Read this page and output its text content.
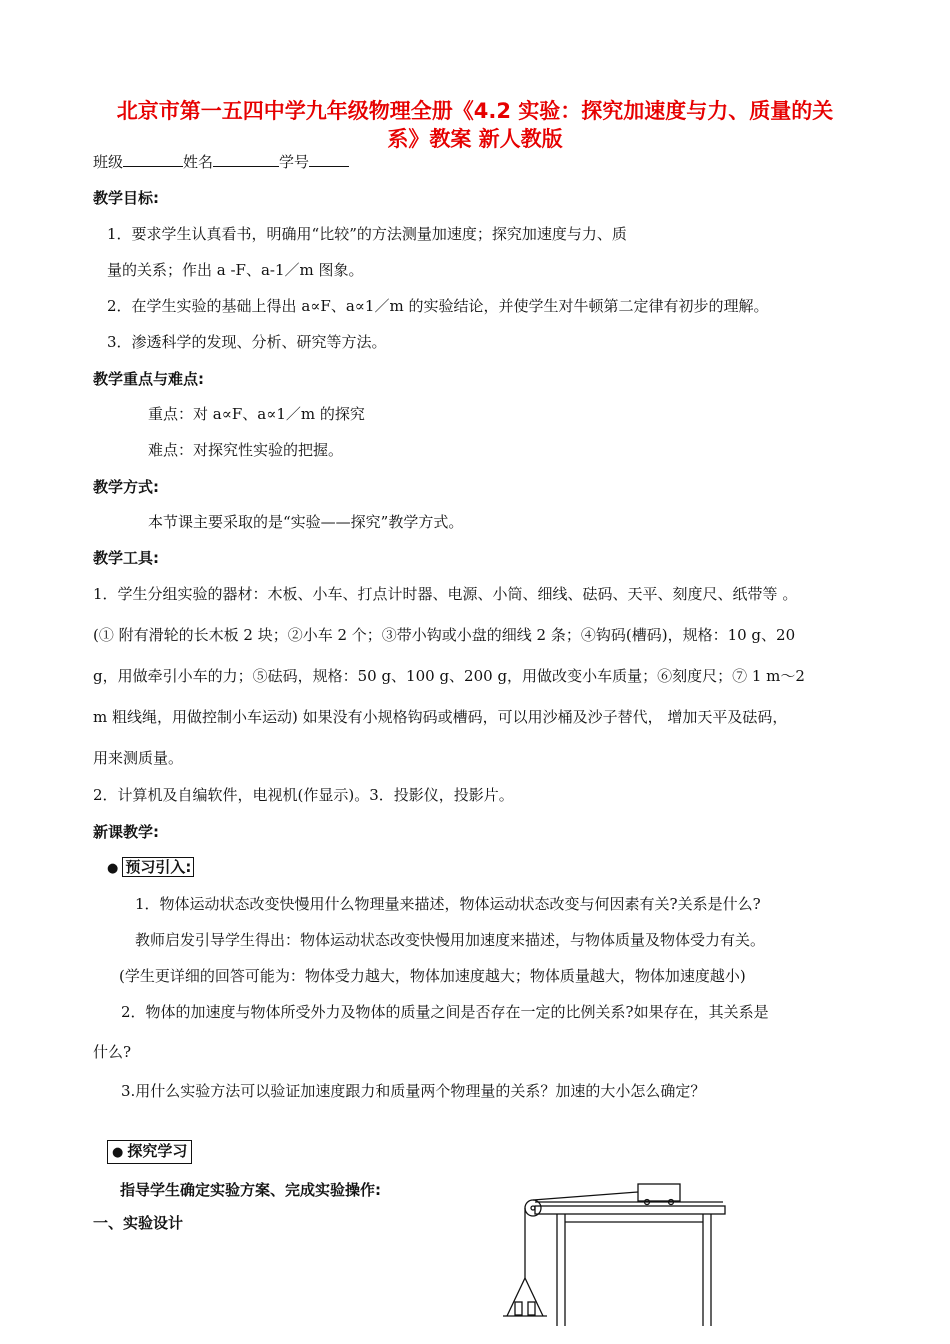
北京市第一五四中学九年级物理全册《4.2 实验：探究加速度与力、质量的关
系》教案 新人教版
班级	姓名	学号
教学目标:
1．要求学生认真看书，明确用“比较”的方法测量加速度；探究加速度与力、质
量的关系；作出 a -F、a-1／m 图象。
2．在学生实验的基础上得出 a∝F、a∝1／m 的实验结论，并使学生对牛顿第二定律有初步的理解。
3．渗透科学的发现、分析、研究等方法。
教学重点与难点:
重点：对 a∝F、a∝1／m 的探究
难点：对探究性实验的把握。
教学方式:
本节课主要采取的是“实验——探究”教学方式。
教学工具:
1．学生分组实验的器材：木板、小车、打点计时器、电源、小筒、细线、砝码、天平、刻度尺、纸带等 。
(① 附有滑轮的长木板 2 块；②小车 2 个；③带小钩或小盘的细线 2 条；④钩码(槽码)，规格：10 g、20
g，用做牵引小车的力；⑤砝码，规格：50 g、100 g、200 g，用做改变小车质量；⑥刻度尺；⑦ 1 m～2
m 粗线绳，用做控制小车运动) 如果没有小规格钩码或槽码，可以用沙桶及沙子替代， 增加天平及砝码，
用来测质量。
2．计算机及自编软件，电视机(作显示)。3．投影仪，投影片。
新课教学:
● 预习引入:
1．物体运动状态改变快慢用什么物理量来描述，物体运动状态改变与何因素有关?关系是什么?
教师启发引导学生得出：物体运动状态改变快慢用加速度来描述，与物体质量及物体受力有关。
(学生更详细的回答可能为：物体受力越大，物体加速度越大；物体质量越大，物体加速度越小)
2．物体的加速度与物体所受外力及物体的质量之间是否存在一定的比例关系?如果存在，其关系是
什么?
3.用什么实验方法可以验证加速度跟力和质量两个物理量的关系？加速的大小怎么确定？
● 探究学习
指导学生确定实验方案、完成实验操作:
一、实验设计
